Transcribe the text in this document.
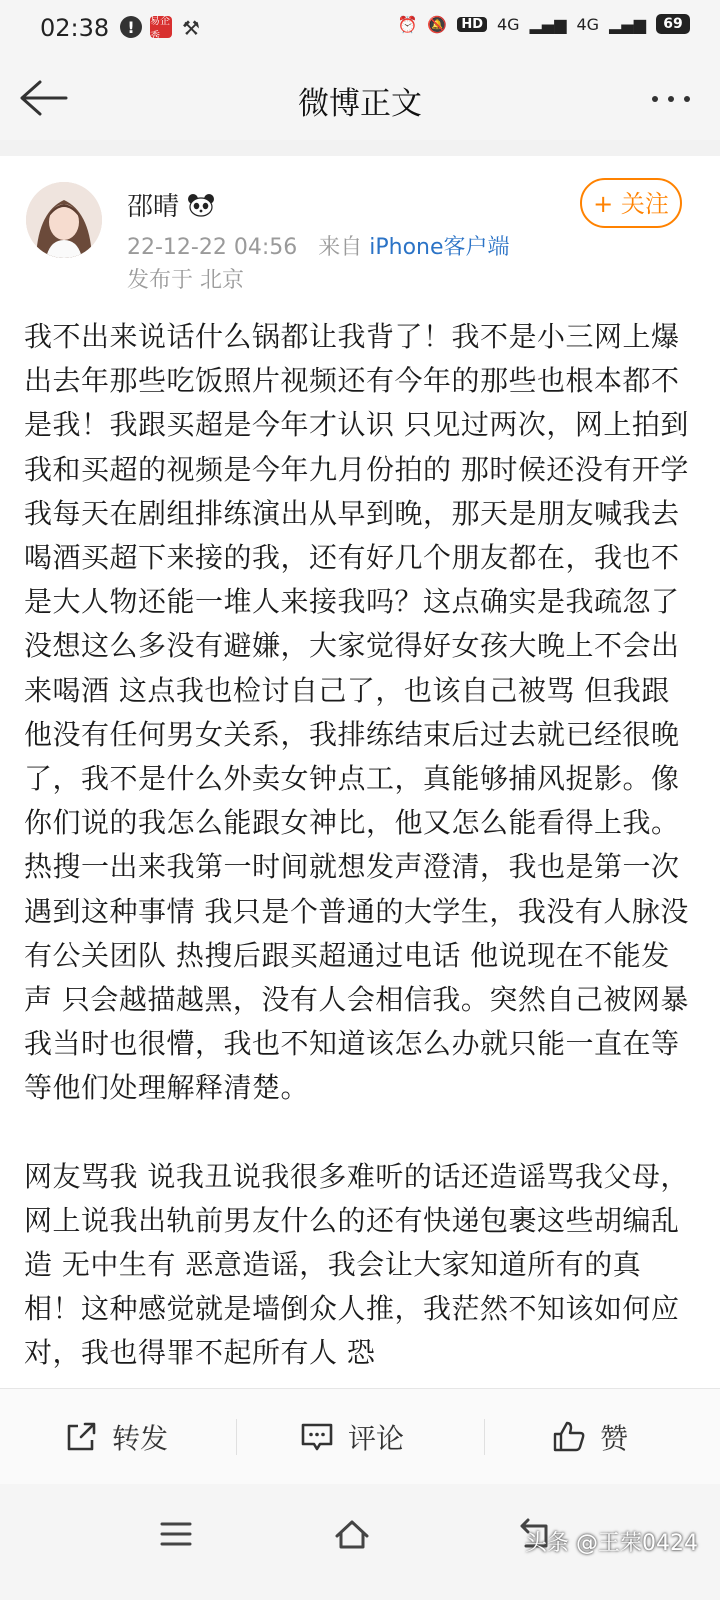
02:38	!	易企秀	⚒	⏰ 🔕	HD 4G ▂▄▆ 4G ▂▄▆	69
微博正文
邵晴
22-12-22 04:56 来自 iPhone客户端
发布于 北京
+ 关注

我不出来说话什么锅都让我背了！我不是小三网上爆出去年那些吃饭照片视频还有今年的那些也根本都不是我！我跟买超是今年才认识 只见过两次，网上拍到我和买超的视频是今年九月份拍的 那时候还没有开学 我每天在剧组排练演出从早到晚，那天是朋友喊我去喝酒买超下来接的我，还有好几个朋友都在，我也不是大人物还能一堆人来接我吗？这点确实是我疏忽了没想这么多没有避嫌，大家觉得好女孩大晚上不会出来喝酒 这点我也检讨自己了，也该自己被骂 但我跟他没有任何男女关系，我排练结束后过去就已经很晚了，我不是什么外卖女钟点工，真能够捕风捉影。像你们说的我怎么能跟女神比，他又怎么能看得上我。热搜一出来我第一时间就想发声澄清，我也是第一次遇到这种事情 我只是个普通的大学生，我没有人脉没有公关团队 热搜后跟买超通过电话 他说现在不能发声 只会越描越黑，没有人会相信我。突然自己被网暴我当时也很懵，我也不知道该怎么办就只能一直在等 等他们处理解释清楚。

网友骂我 说我丑说我很多难听的话还造谣骂我父母，网上说我出轨前男友什么的还有快递包裹这些胡编乱造 无中生有 恶意造谣，我会让大家知道所有的真相！这种感觉就是墙倒众人推，我茫然不知该如何应对，我也得罪不起所有人 恐

转发	评论	赞
头条 @王荣0424
